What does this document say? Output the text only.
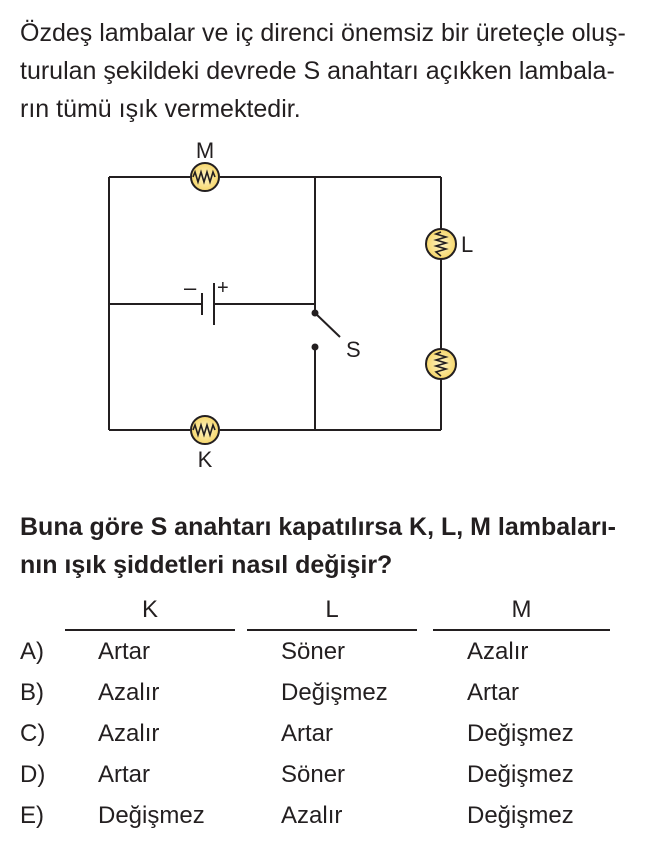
Özdeş lambalar ve iç direnci önemsiz bir üreteçle oluş-
turulan şekildeki devrede S anahtarı açıkken lambala-
rın tümü ışık vermektedir.
– +
S
M
K
L
Buna göre S anahtarı kapatılırsa K, L, M lambaları-
nın ışık şiddetleri nasıl değişir?
K	L	M
A) Artar	Söner	Azalır
B) Azalır	Değişmez	Artar
C) Azalır	Artar	Değişmez
D) Artar	Söner	Değişmez
E) Değişmez	Azalır	Değişmez
